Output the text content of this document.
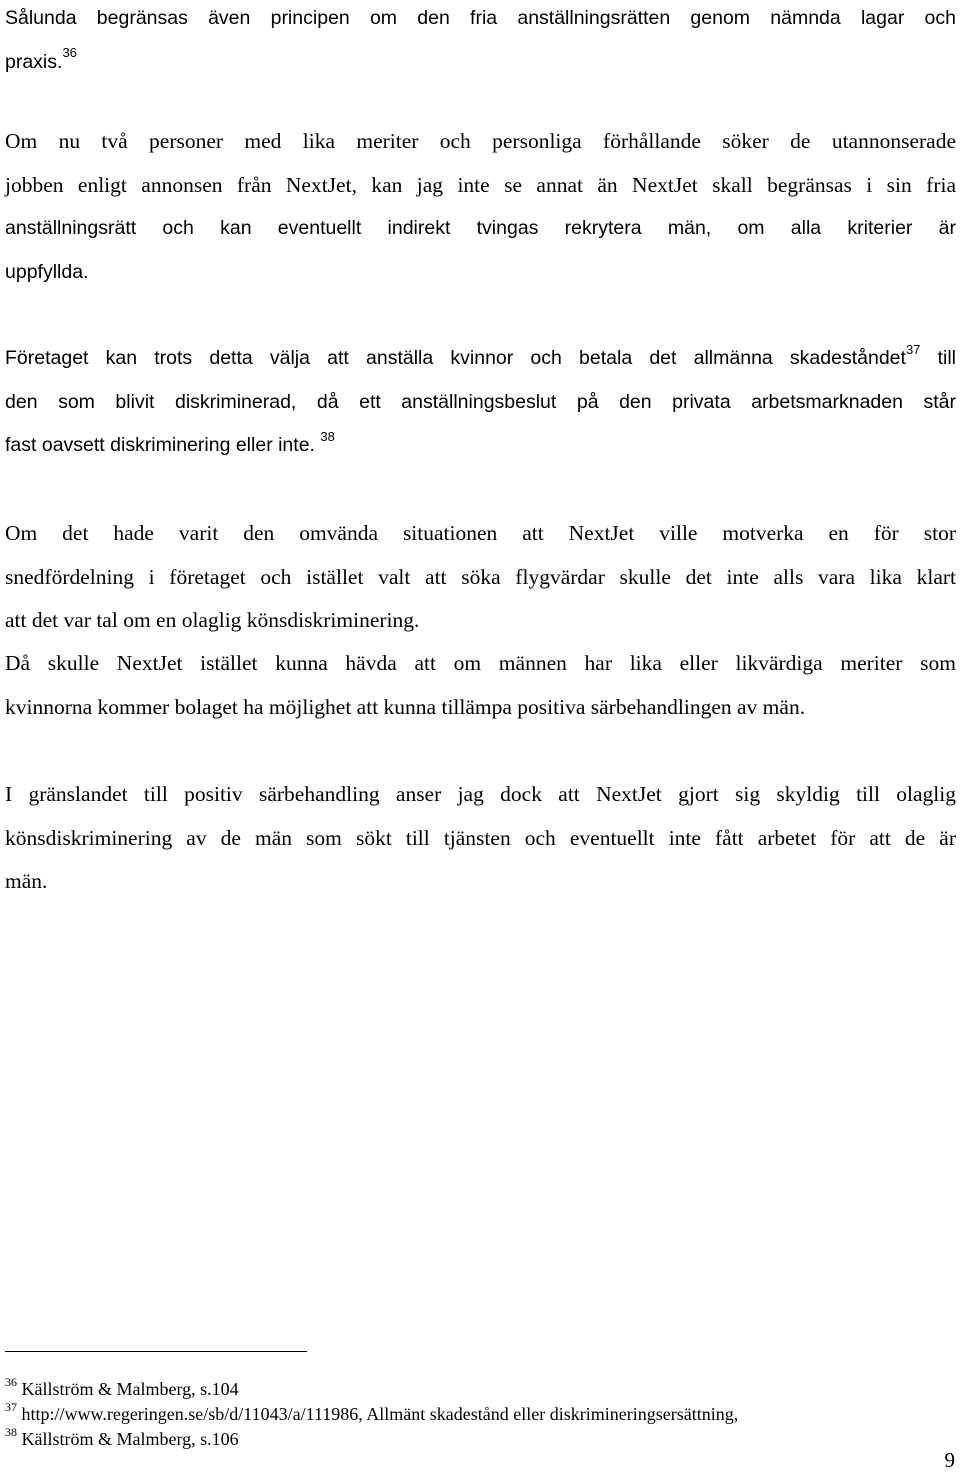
Sålunda begränsas även principen om den fria anställningsrätten genom nämnda lagar och
praxis.$^{36}$
Om nu två personer med lika meriter och personliga förhållande söker de utannonserade
jobben enligt annonsen från NextJet, kan jag inte se annat än NextJet skall begränsas i sin fria
anställningsrätt och kan eventuellt indirekt tvingas rekrytera män, om alla kriterier är
uppfyllda.
Företaget kan trots detta välja att anställa kvinnor och betala det allmänna skadeståndet$^{37}$ till
den som blivit diskriminerad, då ett anställningsbeslut på den privata arbetsmarknaden står
fast oavsett diskriminering eller inte. $^{38}$
Om det hade varit den omvända situationen att NextJet ville motverka en för stor
snedfördelning i företaget och istället valt att söka flygvärdar skulle det inte alls vara lika klart
att det var tal om en olaglig könsdiskriminering.
Då skulle NextJet istället kunna hävda att om männen har lika eller likvärdiga meriter som
kvinnorna kommer bolaget ha möjlighet att kunna tillämpa positiva särbehandlingen av män.
I gränslandet till positiv särbehandling anser jag dock att NextJet gjort sig skyldig till olaglig
könsdiskriminering av de män som sökt till tjänsten och eventuellt inte fått arbetet för att de är
män.
$^{36}$ Källström & Malmberg, s.104
$^{37}$ http://www.regeringen.se/sb/d/11043/a/111986, Allmänt skadestånd eller diskrimineringsersättning,
$^{38}$ Källström & Malmberg, s.106
9
